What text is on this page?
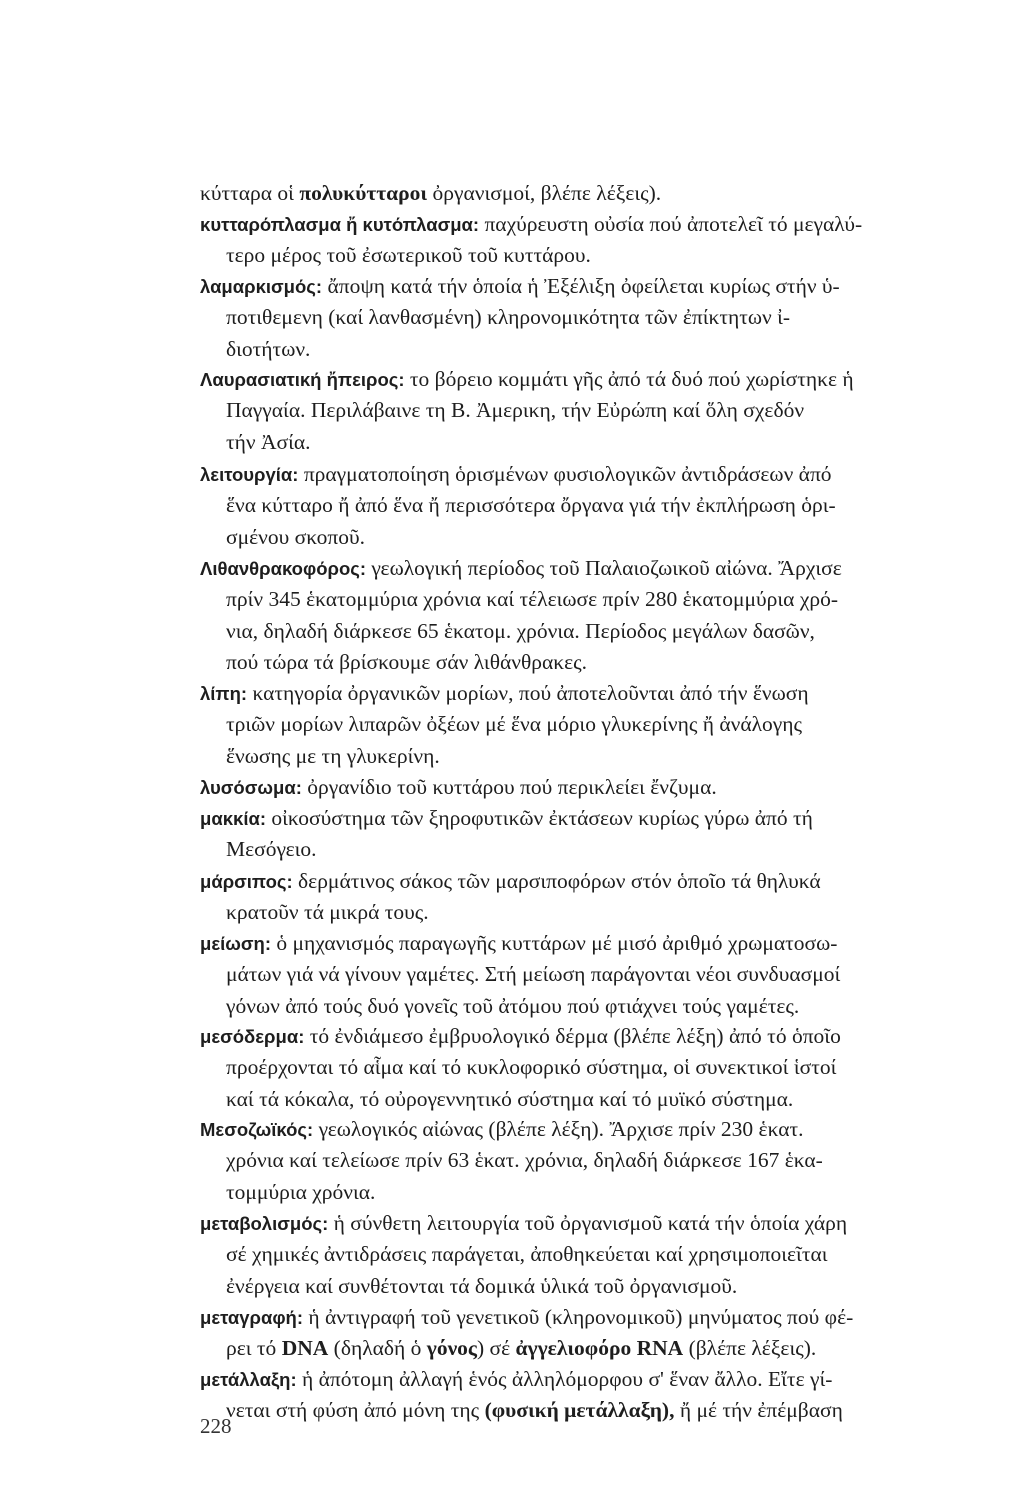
κύτταρα οἱ πολυκύτταροι ὀργανισμοί, βλέπε λέξεις).
κυτταρόπλασμα ἤ κυτόπλασμα: παχύρευστη οὐσία πού ἀποτελεῖ τό μεγαλύ-
τερο μέρος τοῦ ἐσωτερικοῦ τοῦ κυττάρου.
λαμαρκισμός: ἄποψη κατά τήν ὁποία ἡ Ἐξέλιξη ὀφείλεται κυρίως στήν ὑ-
ποτιθεμενη (καί λανθασμένη) κληρονομικότητα τῶν ἐπίκτητων ἰ-
διοτήτων.
Λαυρασιατική ἤπειρος: το βόρειο κομμάτι γῆς ἀπό τά δυό πού χωρίστηκε ἡ
Παγγαία. Περιλάβαινε τη Β. Ἀμερικη, τήν Εὐρώπη καί ὅλη σχεδόν
τήν Ἀσία.
λειτουργία: πραγματοποίηση ὁρισμένων φυσιολογικῶν ἀντιδράσεων ἀπό
ἕνα κύτταρο ἤ ἀπό ἕνα ἤ περισσότερα ὄργανα γιά τήν ἐκπλήρωση ὁρι-
σμένου σκοποῦ.
Λιθανθρακοφόρος: γεωλογική περίοδος τοῦ Παλαιοζωικοῦ αἰώνα. Ἄρχισε
πρίν 345 ἑκατομμύρια χρόνια καί τέλειωσε πρίν 280 ἑκατομμύρια χρό-
νια, δηλαδή διάρκεσε 65 ἑκατομ. χρόνια. Περίοδος μεγάλων δασῶν,
πού τώρα τά βρίσκουμε σάν λιθάνθρακες.
λίπη: κατηγορία ὀργανικῶν μορίων, πού ἀποτελοῦνται ἀπό τήν ἕνωση
τριῶν μορίων λιπαρῶν ὀξέων μέ ἕνα μόριο γλυκερίνης ἤ ἀνάλογης
ἕνωσης με τη γλυκερίνη.
λυσόσωμα: ὀργανίδιο τοῦ κυττάρου πού περικλείει ἔνζυμα.
μακκία: οἰκοσύστημα τῶν ξηροφυτικῶν ἐκτάσεων κυρίως γύρω ἀπό τή
Μεσόγειο.
μάρσιπος: δερμάτινος σάκος τῶν μαρσιποφόρων στόν ὁποῖο τά θηλυκά
κρατοῦν τά μικρά τους.
μείωση: ὁ μηχανισμός παραγωγῆς κυττάρων μέ μισό ἀριθμό χρωματοσω-
μάτων γιά νά γίνουν γαμέτες. Στή μείωση παράγονται νέοι συνδυασμοί
γόνων ἀπό τούς δυό γονεῖς τοῦ ἀτόμου πού φτιάχνει τούς γαμέτες.
μεσόδερμα: τό ἐνδιάμεσο ἐμβρυολογικό δέρμα (βλέπε λέξη) ἀπό τό ὁποῖο
προέρχονται τό αἷμα καί τό κυκλοφορικό σύστημα, οἱ συνεκτικοί ἱστοί
καί τά κόκαλα, τό οὐρογεννητικό σύστημα καί τό μυϊκό σύστημα.
Μεσοζωϊκός: γεωλογικός αἰώνας (βλέπε λέξη). Ἄρχισε πρίν 230 ἑκατ.
χρόνια καί τελείωσε πρίν 63 ἑκατ. χρόνια, δηλαδή διάρκεσε 167 ἑκα-
τομμύρια χρόνια.
μεταβολισμός: ἡ σύνθετη λειτουργία τοῦ ὀργανισμοῦ κατά τήν ὁποία χάρη
σέ χημικές ἀντιδράσεις παράγεται, ἀποθηκεύεται καί χρησιμοποιεῖται
ἐνέργεια καί συνθέτονται τά δομικά ὑλικά τοῦ ὀργανισμοῦ.
μεταγραφή: ἡ ἀντιγραφή τοῦ γενετικοῦ (κληρονομικοῦ) μηνύματος πού φέ-
ρει τό DNA (δηλαδή ὁ γόνος) σέ ἀγγελιοφόρο RNA (βλέπε λέξεις).
μετάλλαξη: ἡ ἀπότομη ἀλλαγή ἑνός ἀλληλόμορφου σ' ἕναν ἄλλο. Εἴτε γί-
νεται στή φύση ἀπό μόνη της (φυσική μετάλλαξη), ἤ μέ τήν ἐπέμβαση
228
